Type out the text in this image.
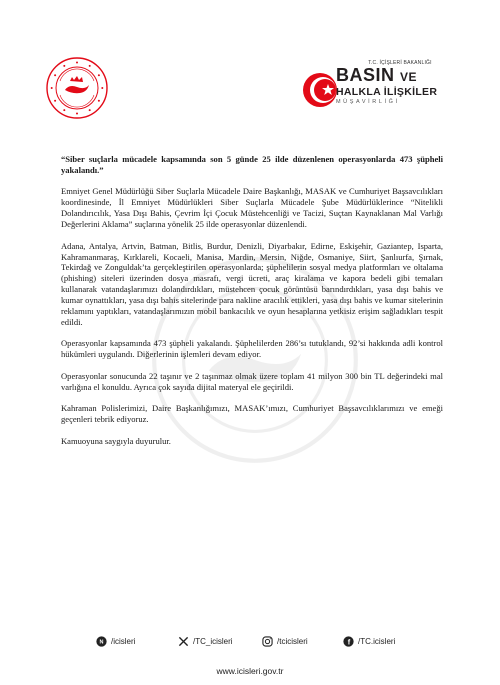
T.C. İÇİŞLERİ BAKANLIĞI
BASIN VE
HALKLA İLİŞKİLER
MÜŞAVİRLİĞİ

“Siber suçlarla mücadele kapsamında son 5 günde 25 ilde düzenlenen operasyonlarda 473 şüpheli yakalandı.”

Emniyet Genel Müdürlüğü Siber Suçlarla Mücadele Daire Başkanlığı, MASAK ve Cumhuriyet Başsavcılıkları koordinesinde, İl Emniyet Müdürlükleri Siber Suçlarla Mücadele Şube Müdürlüklerince “Nitelikli Dolandırıcılık, Yasa Dışı Bahis, Çevrim İçi Çocuk Müstehcenliği ve Tacizi, Suçtan Kaynaklanan Mal Varlığı Değerlerini Aklama” suçlarına yönelik 25 ilde operasyonlar düzenlendi.

Adana, Antalya, Artvin, Batman, Bitlis, Burdur, Denizli, Diyarbakır, Edirne, Eskişehir, Gaziantep, Isparta, Kahramanmaraş, Kırklareli, Kocaeli, Manisa, Mardin, Mersin, Niğde, Osmaniye, Siirt, Şanlıurfa, Şırnak, Tekirdağ ve Zonguldak’ta gerçekleştirilen operasyonlarda; şüphelilerin sosyal medya platformları ve oltalama (phishing) siteleri üzerinden dosya masrafı, vergi ücreti, araç kiralama ve kapora bedeli gibi temaları kullanarak vatandaşlarımızı dolandırdıkları, müstehcen çocuk görüntüsü barındırdıkları, yasa dışı bahis ve kumar oynattıkları, yasa dışı bahis sitelerinde para nakline aracılık ettikleri, yasa dışı bahis ve kumar sitelerinin reklamını yaptıkları, vatandaşlarımızın mobil bankacılık ve oyun hesaplarına yetkisiz erişim sağladıkları tespit edildi.

Operasyonlar kapsamında 473 şüpheli yakalandı. Şüphelilerden 286’sı tutuklandı, 92’si hakkında adli kontrol hükümleri uygulandı. Diğerlerinin işlemleri devam ediyor.

Operasyonlar sonucunda 22 taşınır ve 2 taşınmaz olmak üzere toplam 41 milyon 300 bin TL değerindeki mal varlığına el konuldu. Ayrıca çok sayıda dijital materyal ele geçirildi.

Kahraman Polislerimizi, Daire Başkanlığımızı, MASAK’ımızı, Cumhuriyet Başsavcılıklarımızı ve emeği geçenleri tebrik ediyoruz.

Kamuoyuna saygıyla duyurulur.

N /icisleri	/TC_icisleri	/tcicisleri	f /TC.icisleri
www.icisleri.gov.tr
